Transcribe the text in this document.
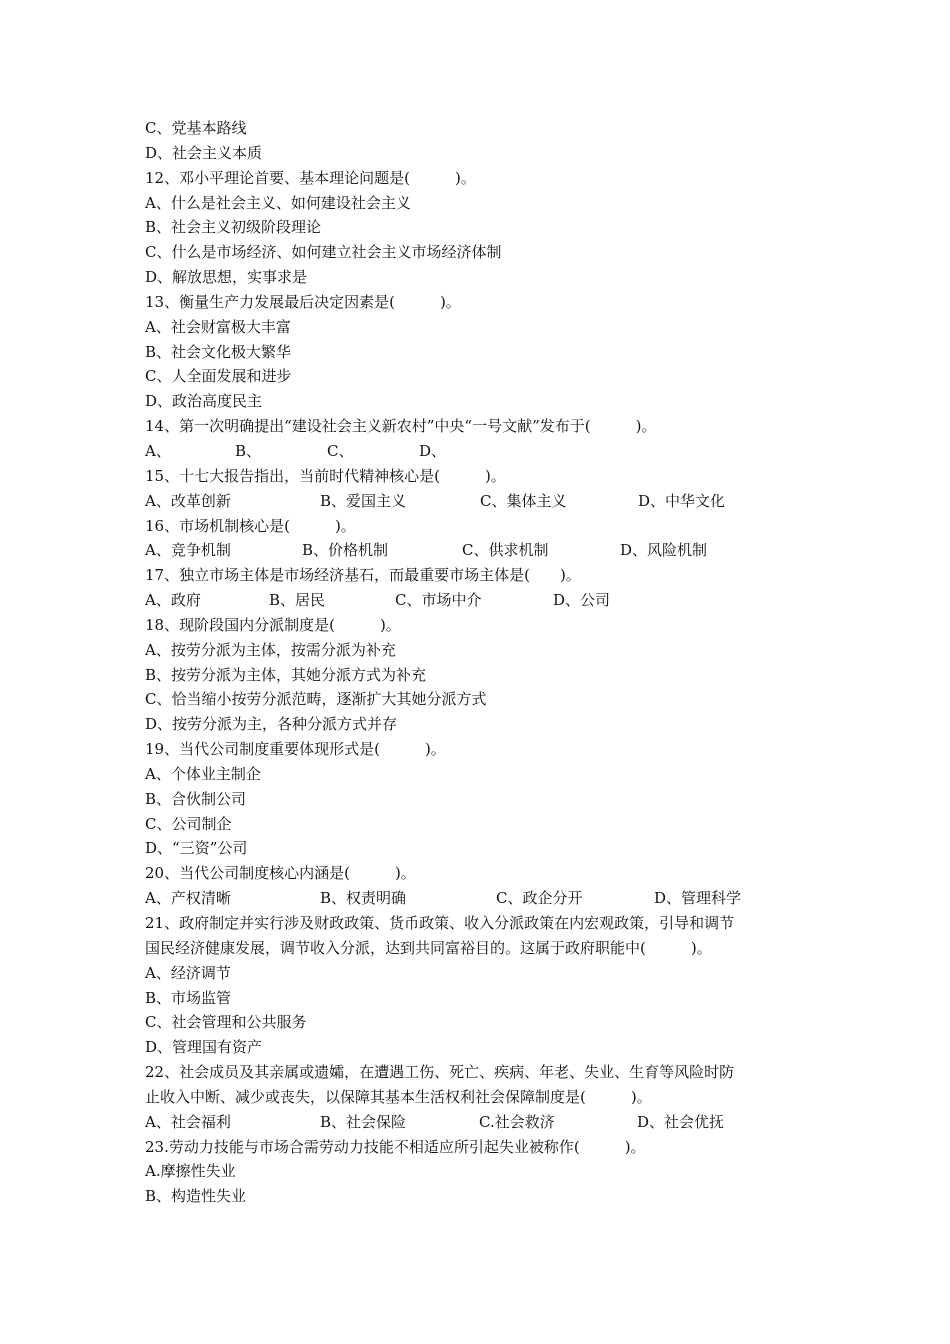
C、党基本路线
D、社会主义本质
12、邓小平理论首要、基本理论问题是(　　　)。
A、什么是社会主义、如何建设社会主义
B、社会主义初级阶段理论
C、什么是市场经济、如何建立社会主义市场经济体制
D、解放思想，实事求是
13、衡量生产力发展最后决定因素是(　　　)。
A、社会财富极大丰富
B、社会文化极大繁华
C、人全面发展和进步
D、政治高度民主
14、第一次明确提出“建设社会主义新农村”中央“一号文献”发布于(　　　)。
A、	B、	C、	D、
15、十七大报告指出，当前时代精神核心是(　　　)。
A、改革创新	B、爱国主义	C、集体主义	D、中华文化
16、市场机制核心是(　　　)。
A、竞争机制	B、价格机制	C、供求机制	D、风险机制
17、独立市场主体是市场经济基石，而最重要市场主体是(　　)。
A、政府	B、居民	C、市场中介	D、公司
18、现阶段国内分派制度是(　　　)。
A、按劳分派为主体，按需分派为补充
B、按劳分派为主体，其她分派方式为补充
C、恰当缩小按劳分派范畴，逐渐扩大其她分派方式
D、按劳分派为主，各种分派方式并存
19、当代公司制度重要体现形式是(　　　)。
A、个体业主制企
B、合伙制公司
C、公司制企
D、“三资”公司
20、当代公司制度核心内涵是(　　　)。
A、产权清晰	B、权责明确	C、政企分开	D、管理科学
21、政府制定并实行涉及财政政策、货币政策、收入分派政策在内宏观政策，引导和调节
国民经济健康发展，调节收入分派，达到共同富裕目的。这属于政府职能中(　　　)。
A、经济调节
B、市场监管
C、社会管理和公共服务
D、管理国有资产
22、社会成员及其亲属或遗孀，在遭遇工伤、死亡、疾病、年老、失业、生育等风险时防
止收入中断、减少或丧失，以保障其基本生活权利社会保障制度是(　　　)。
A、社会福利	B、社会保险	C.社会救济	D、社会优抚
23.劳动力技能与市场合需劳动力技能不相适应所引起失业被称作(　　　)。
A.摩擦性失业
B、构造性失业
